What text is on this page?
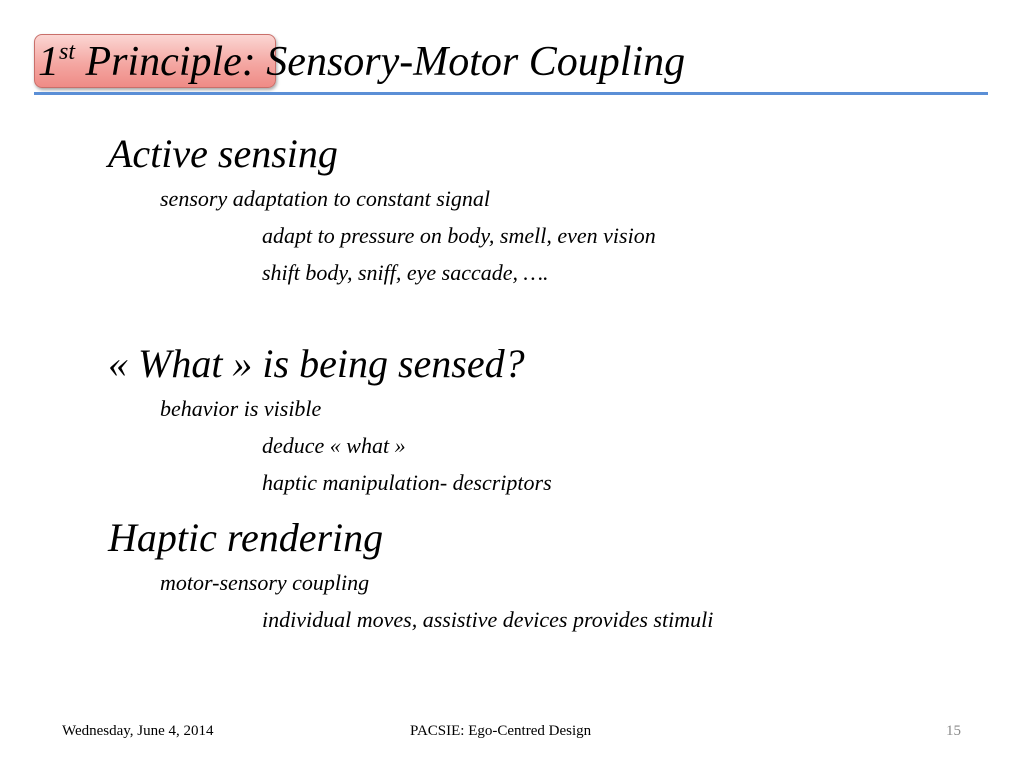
1st Principle: Sensory-Motor Coupling
Active sensing
sensory adaptation to constant signal
adapt to pressure on body, smell, even vision
shift body, sniff, eye saccade, ….
« What » is being sensed?
behavior is visible
deduce « what »
haptic manipulation- descriptors
Haptic rendering
motor-sensory coupling
individual moves, assistive devices provides stimuli
Wednesday, June 4, 2014	PACSIE: Ego-Centred Design	15
